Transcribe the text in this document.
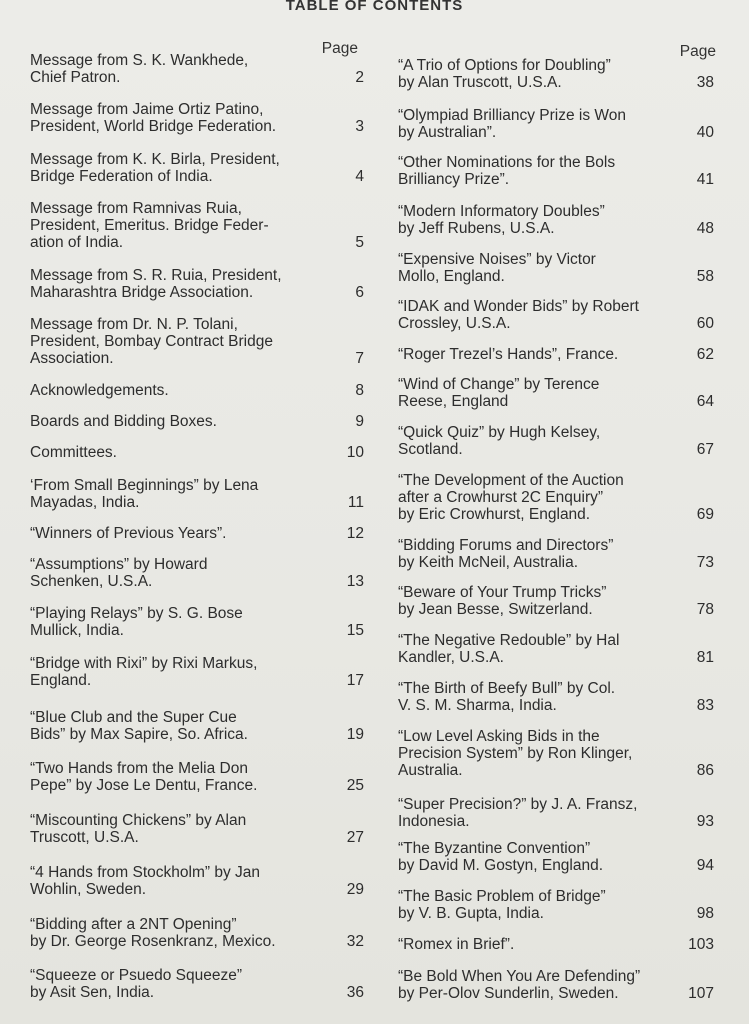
TABLE OF CONTENTS
Page
Message from S. K. Wankhede,
Chief Patron.	2
Message from Jaime Ortiz Patino,
President, World Bridge Federation.	3
Message from K. K. Birla, President,
Bridge Federation of India.	4
Message from Ramnivas Ruia,
President, Emeritus. Bridge Feder-
ation of India.	5
Message from S. R. Ruia, President,
Maharashtra Bridge Association.	6
Message from Dr. N. P. Tolani,
President, Bombay Contract Bridge
Association.	7
Acknowledgements.	8
Boards and Bidding Boxes.	9
Committees.	10
‘From Small Beginnings” by Lena
Mayadas, India.	11
“Winners of Previous Years”.	12
“Assumptions” by Howard
Schenken, U.S.A.	13
“Playing Relays” by S. G. Bose
Mullick, India.	15
“Bridge with Rixi” by Rixi Markus,
England.	17
“Blue Club and the Super Cue
Bids” by Max Sapire, So. Africa.	19
“Two Hands from the Melia Don
Pepe” by Jose Le Dentu, France.	25
“Miscounting Chickens” by Alan
Truscott, U.S.A.	27
“4 Hands from Stockholm” by Jan
Wohlin, Sweden.	29
“Bidding after a 2NT Opening”
by Dr. George Rosenkranz, Mexico.	32
“Squeeze or Psuedo Squeeze”
by Asit Sen, India.	36
Page
“A Trio of Options for Doubling”
by Alan Truscott, U.S.A.	38
“Olympiad Brilliancy Prize is Won
by Australian”.	40
“Other Nominations for the Bols
Brilliancy Prize”.	41
“Modern Informatory Doubles”
by Jeff Rubens, U.S.A.	48
“Expensive Noises” by Victor
Mollo, England.	58
“IDAK and Wonder Bids” by Robert
Crossley, U.S.A.	60
“Roger Trezel’s Hands”, France.	62
“Wind of Change” by Terence
Reese, England	64
“Quick Quiz” by Hugh Kelsey,
Scotland.	67
“The Development of the Auction
after a Crowhurst 2C Enquiry”
by Eric Crowhurst, England.	69
“Bidding Forums and Directors”
by Keith McNeil, Australia.	73
“Beware of Your Trump Tricks”
by Jean Besse, Switzerland.	78
“The Negative Redouble” by Hal
Kandler, U.S.A.	81
“The Birth of Beefy Bull” by Col.
V. S. M. Sharma, India.	83
“Low Level Asking Bids in the
Precision System” by Ron Klinger,
Australia.	86
“Super Precision?” by J. A. Fransz,
Indonesia.	93
“The Byzantine Convention”
by David M. Gostyn, England.	94
“The Basic Problem of Bridge”
by V. B. Gupta, India.	98
“Romex in Brief”.	103
“Be Bold When You Are Defending”
by Per-Olov Sunderlin, Sweden.	107
